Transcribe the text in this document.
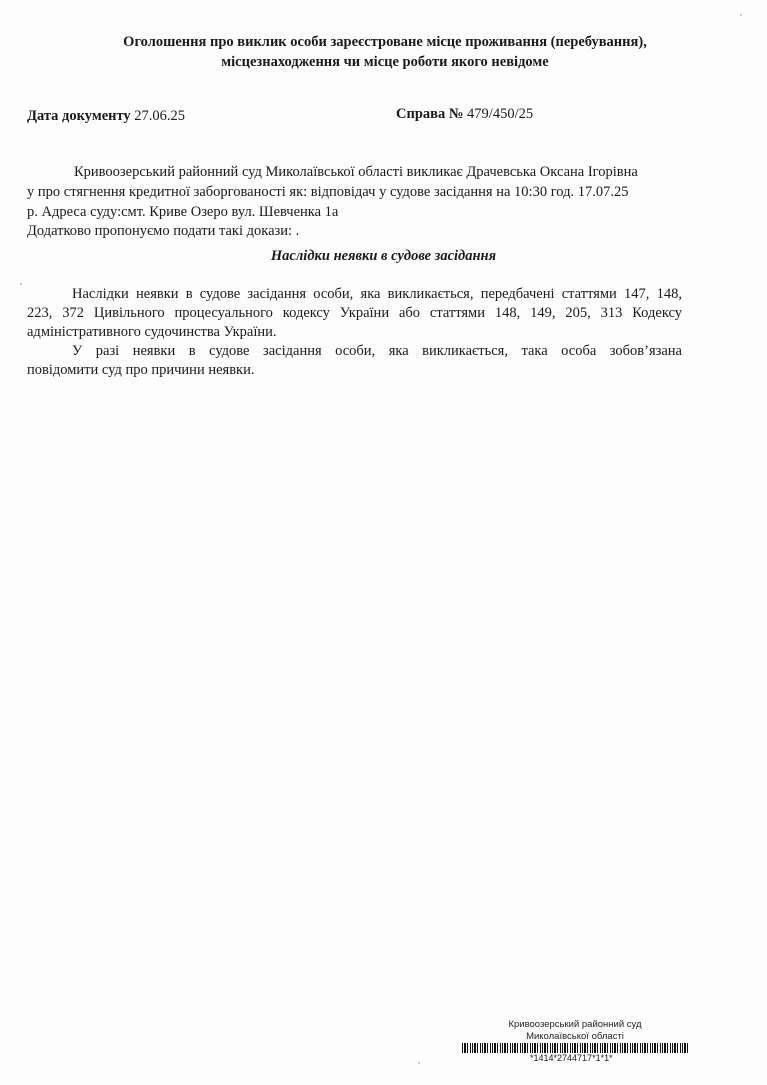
Оголошення про виклик особи зареєстроване місце проживання (перебування),
місцезнаходження чи місце роботи якого невідоме
Дата документу 27.06.25	Справа № 479/450/25
Кривоозерський районний суд Миколаївської області викликає Драчевська Оксана Ігорівна
у про стягнення кредитної заборгованості як: відповідач у судове засідання на 10:30 год. 17.07.25
р. Адреса суду:смт. Криве Озеро вул. Шевченка 1а
Додатково пропонуємо подати такі докази: .
Наслідки неявки в судове засідання
Наслідки неявки в судове засідання особи, яка викликається, передбачені статтями 147, 148,
223, 372 Цивільного процесуального кодексу України або статтями 148, 149, 205, 313 Кодексу
адміністративного судочинства України.
У разі неявки в судове засідання особи, яка викликається, така особа зобов’язана
повідомити суд про причини неявки.
Кривоозерський районний суд
Миколаївської області
*1414*2744717*1*1*
